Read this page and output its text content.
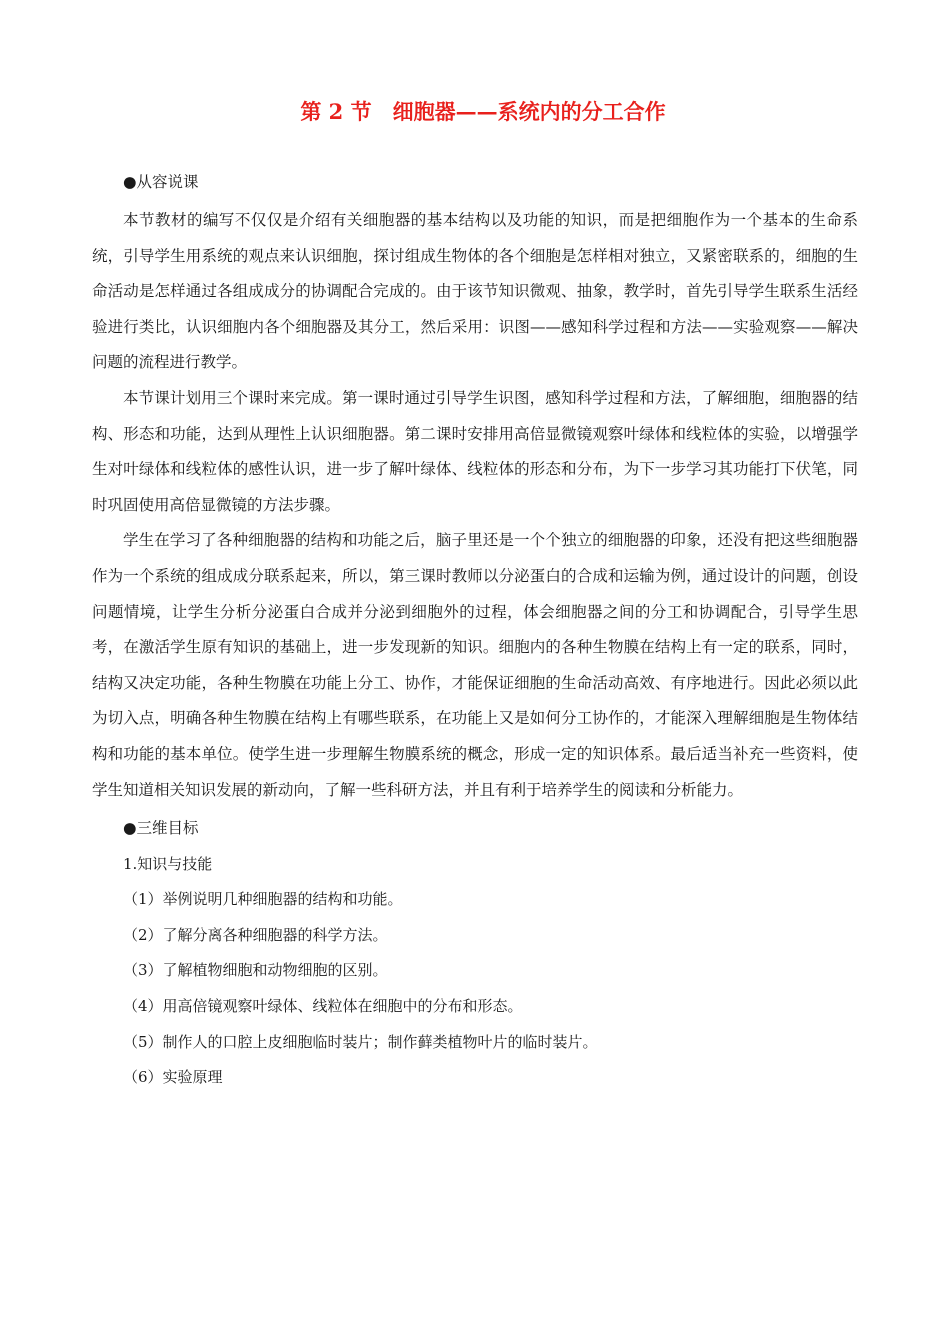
第 2 节　细胞器——系统内的分工合作
●从容说课

本节教材的编写不仅仅是介绍有关细胞器的基本结构以及功能的知识，而是把细胞作为一个基本的生命系统，引导学生用系统的观点来认识细胞，探讨组成生物体的各个细胞是怎样相对独立，又紧密联系的，细胞的生命活动是怎样通过各组成成分的协调配合完成的。由于该节知识微观、抽象，教学时，首先引导学生联系生活经验进行类比，认识细胞内各个细胞器及其分工，然后采用：识图——感知科学过程和方法——实验观察——解决问题的流程进行教学。

本节课计划用三个课时来完成。第一课时通过引导学生识图，感知科学过程和方法，了解细胞，细胞器的结构、形态和功能，达到从理性上认识细胞器。第二课时安排用高倍显微镜观察叶绿体和线粒体的实验，以增强学生对叶绿体和线粒体的感性认识，进一步了解叶绿体、线粒体的形态和分布，为下一步学习其功能打下伏笔，同时巩固使用高倍显微镜的方法步骤。

学生在学习了各种细胞器的结构和功能之后，脑子里还是一个个独立的细胞器的印象，还没有把这些细胞器作为一个系统的组成成分联系起来，所以，第三课时教师以分泌蛋白的合成和运输为例，通过设计的问题，创设问题情境，让学生分析分泌蛋白合成并分泌到细胞外的过程，体会细胞器之间的分工和协调配合，引导学生思考，在激活学生原有知识的基础上，进一步发现新的知识。细胞内的各种生物膜在结构上有一定的联系，同时，结构又决定功能，各种生物膜在功能上分工、协作，才能保证细胞的生命活动高效、有序地进行。因此必须以此为切入点，明确各种生物膜在结构上有哪些联系，在功能上又是如何分工协作的，才能深入理解细胞是生物体结构和功能的基本单位。使学生进一步理解生物膜系统的概念，形成一定的知识体系。最后适当补充一些资料，使学生知道相关知识发展的新动向，了解一些科研方法，并且有利于培养学生的阅读和分析能力。

●三维目标
1.知识与技能
（1）举例说明几种细胞器的结构和功能。
（2）了解分离各种细胞器的科学方法。
（3）了解植物细胞和动物细胞的区别。
（4）用高倍镜观察叶绿体、线粒体在细胞中的分布和形态。
（5）制作人的口腔上皮细胞临时装片；制作藓类植物叶片的临时装片。
（6）实验原理
